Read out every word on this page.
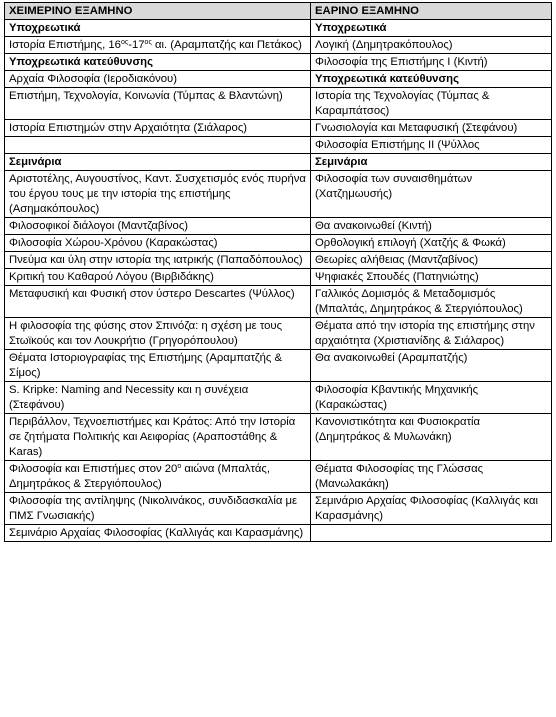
ΧΕΙΜΕΡΙΝΟ ΕΞΑΜΗΝΟ	ΕΑΡΙΝΟ ΕΞΑΜΗΝΟ
Υποχρεωτικά	Υποχρεωτικά
Ιστορία Επιστήμης, $16^{o\varsigma}-17^{o\varsigma}$ αι. (Αραμπατζής και Πετάκος)	Λογική (Δημητρακόπουλος)
Υποχρεωτικά κατεύθυνσης	Φιλοσοφία της Επιστήμης Ι (Κιντή)
Αρχαία Φιλοσοφία (Ιεροδιακόνου)	Υποχρεωτικά κατεύθυνσης
Επιστήμη, Τεχνολογία, Κοινωνία (Τύμπας & Βλαντώνη)	Ιστορία της Τεχνολογίας (Τύμπας & Καραμπάτσος)
Ιστορία Επιστημών στην Αρχαιότητα (Σιάλαρος)	Γνωσιολογία και Μεταφυσική (Στεφάνου)
	Φιλοσοφία Επιστήμης ΙΙ (Ψύλλος
Σεμινάρια	Σεμινάρια
Αριστοτέλης, Αυγουστίνος, Καντ. Συσχετισμός ενός πυρήνα του έργου τους με την ιστορία της επιστήμης (Ασημακόπουλος)	Φιλοσοφία των συναισθημάτων (Χατζημωυσής)
Φιλοσοφικοί διάλογοι (Μαντζαβίνος)	Θα ανακοινωθεί (Κιντή)
Φιλοσοφία Χώρου-Χρόνου (Καρακώστας)	Ορθολογική επιλογή (Χατζής & Φωκά)
Πνεύμα και ύλη στην ιστορία της ιατρικής (Παπαδόπουλος)	Θεωρίες αλήθειας (Μαντζαβίνος)
Κριτική του Καθαρού Λόγου (Βιρβιδάκης)	Ψηφιακές Σπουδές (Πατηνιώτης)
Μεταφυσική και Φυσική στον ύστερο Descartes (Ψύλλος)	Γαλλικός Δομισμός & Μεταδομισμός (Μπαλτάς, Δημητράκος & Στεργιόπουλος)
Η φιλοσοφία της φύσης στον Σπινόζα: η σχέση με τους Στωϊκούς και τον Λουκρήτιο (Γρηγορόπουλου)	Θέματα από την ιστορία της επιστήμης στην αρχαιότητα (Χριστιανίδης & Σιάλαρος)
Θέματα Ιστοριογραφίας της Επιστήμης (Αραμπατζής & Σίμος)	Θα ανακοινωθεί (Αραμπατζής)
S. Kripke: Naming and Necessity και η συνέχεια (Στεφάνου)	Φιλοσοφία Κβαντικής Μηχανικής (Καρακώστας)
Περιβάλλον, Τεχνοεπιστήμες και Κράτος: Από την Ιστορία σε ζητήματα Πολιτικής και Αειφορίας (Αραποστάθης & Karas)	Κανονιστικότητα και Φυσιοκρατία (Δημητράκος & Μυλωνάκη)
Φιλοσοφία και Επιστήμες στον $20^o$ αιώνα (Μπαλτάς, Δημητράκος & Στεργιόπουλος)	Θέματα Φιλοσοφίας της Γλώσσας (Μανωλακάκη)
Φιλοσοφία της αντίληψης (Νικολινάκος, συνδιδασκαλία με ΠΜΣ Γνωσιακής)	Σεμινάριο Αρχαίας Φιλοσοφίας (Καλλιγάς και Καρασμάνης)
Σεμινάριο Αρχαίας Φιλοσοφίας (Καλλιγάς και Καρασμάνης)	
